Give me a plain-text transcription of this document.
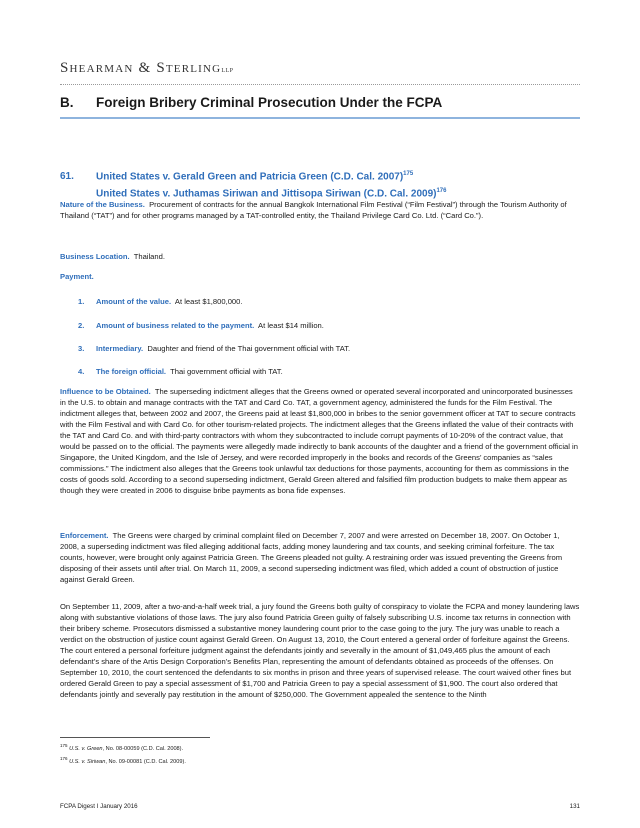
Shearman & SterlingLLP
B. Foreign Bribery Criminal Prosecution Under the FCPA
61. United States v. Gerald Green and Patricia Green (C.D. Cal. 2007)$^{175}$
United States v. Juthamas Siriwan and Jittisopa Siriwan (C.D. Cal. 2009)$^{176}$
Nature of the Business. Procurement of contracts for the annual Bangkok International Film Festival (“Film Festival”) through the Tourism Authority of Thailand (“TAT”) and for other programs managed by a TAT-controlled entity, the Thailand Privilege Card Co. Ltd. (“Card Co.”).
Business Location. Thailand.
Payment.
1. Amount of the value. At least $1,800,000.
2. Amount of business related to the payment. At least $14 million.
3. Intermediary. Daughter and friend of the Thai government official with TAT.
4. The foreign official. Thai government official with TAT.
Influence to be Obtained. The superseding indictment alleges that the Greens owned or operated several incorporated and unincorporated businesses in the U.S. to obtain and manage contracts with the TAT and Card Co. TAT, a government agency, administered the funds for the Film Festival. The indictment alleges that, between 2002 and 2007, the Greens paid at least $1,800,000 in bribes to the senior government officer at TAT to secure contracts with the Film Festival and with Card Co. for other tourism-related projects. The indictment alleges that the Greens inflated the value of their contracts with the TAT and Card Co. and with third-party contractors with whom they subcontracted to include corrupt payments of 10-20% of the contract value, that would be passed on to the official. The payments were allegedly made indirectly to bank accounts of the daughter and a friend of the government official in Singapore, the United Kingdom, and the Isle of Jersey, and were recorded improperly in the books and records of the Greens’ companies as “sales commissions.” The indictment also alleges that the Greens took unlawful tax deductions for those payments, accounting for them as commissions in the costs of goods sold. According to a second superseding indictment, Gerald Green altered and falsified film production budgets to make them appear as though they were created in 2006 to disguise bribe payments as bona fide expenses.
Enforcement. The Greens were charged by criminal complaint filed on December 7, 2007 and were arrested on December 18, 2007. On October 1, 2008, a superseding indictment was filed alleging additional facts, adding money laundering and tax counts, and seeking criminal forfeiture. The tax counts, however, were brought only against Patricia Green. The Greens pleaded not guilty. A restraining order was issued preventing the Greens from disposing of their assets until after trial. On March 11, 2009, a second superseding indictment was filed, which added a count of obstruction of justice against Gerald Green.
On September 11, 2009, after a two-and-a-half week trial, a jury found the Greens both guilty of conspiracy to violate the FCPA and money laundering laws along with substantive violations of those laws. The jury also found Patricia Green guilty of falsely subscribing U.S. income tax returns in connection with their bribery scheme. Prosecutors dismissed a substantive money laundering count prior to the case going to the jury. The jury was unable to reach a verdict on the obstruction of justice count against Gerald Green. On August 13, 2010, the Court entered a general order of forfeiture against the Greens. The court entered a personal forfeiture judgment against the defendants jointly and severally in the amount of $1,049,465 plus the amount of each defendant’s share of the Artis Design Corporation’s Benefits Plan, representing the amount of defendants obtained as proceeds of the offenses. On September 10, 2010, the court sentenced the defendants to six months in prison and three years of supervised release. The court waived other fines but ordered Gerald Green to pay a special assessment of $1,700 and Patricia Green to pay a special assessment of $1,900. The court also ordered that defendants jointly and severally pay restitution in the amount of $250,000. The Government appealed the sentence to the Ninth
$^{175}$ U.S. v. Green, No. 08-00059 (C.D. Cal. 2008).
$^{176}$ U.S. v. Siriwan, No. 09-00081 (C.D. Cal. 2009).
FCPA Digest I January 2016	131
